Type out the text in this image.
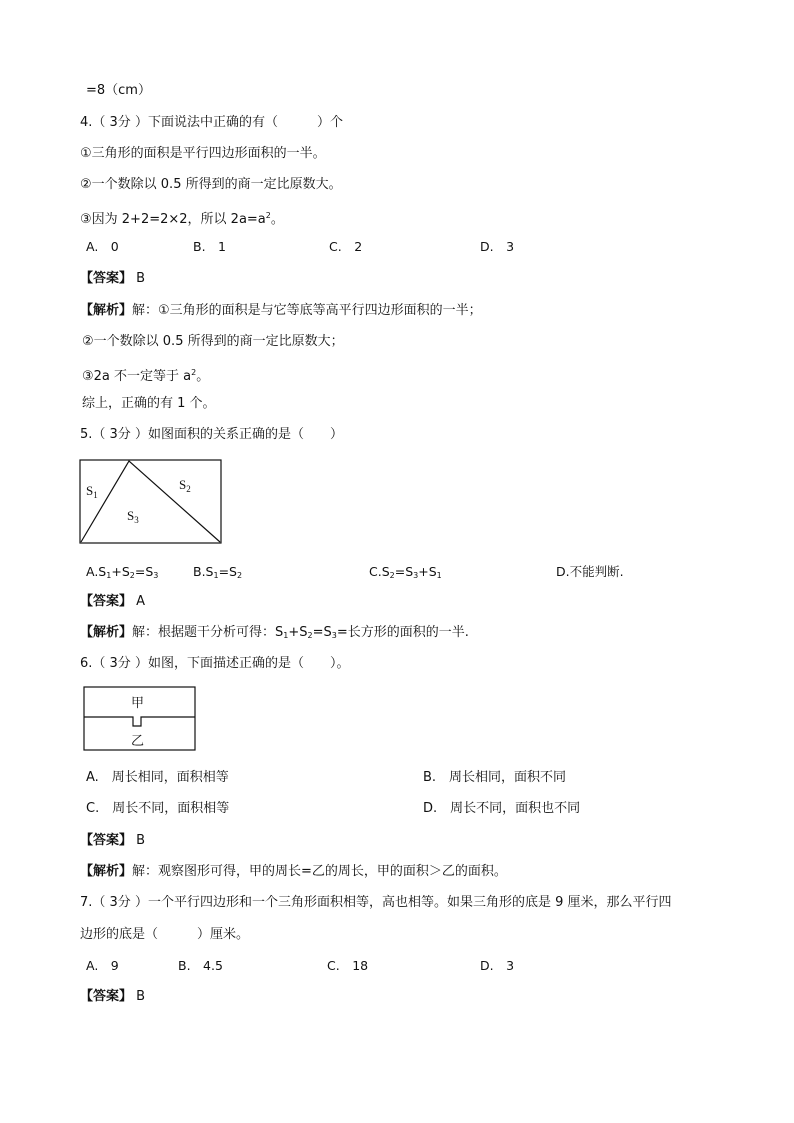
=8（cm）
4.（ 3分 ）下面说法中正确的有（　　　）个
①三角形的面积是平行四边形面积的一半。
②一个数除以 0.5 所得到的商一定比原数大。
③因为 2+2=2×2，所以 $2a=a^2$。
A.　0	B.　1	C.　2	D.　3
【答案】 B
【解析】解：①三角形的面积是与它等底等高平行四边形面积的一半；
②一个数除以 0.5 所得到的商一定比原数大；
③2a 不一定等于 $a^2$。
综上，正确的有 1 个。
5.（ 3分 ）如图面积的关系正确的是（　　）
$S_1$
$S_2$
$S_3$
$A.S_1+S_2=S_3$	$B.S_1=S_2$	$C.S_2=S_3+S_1$	D.不能判断.
【答案】 A
【解析】解：根据题干分析可得：$S_1+S_2=S_3=$长方形的面积的一半.
6.（ 3分 ）如图，下面描述正确的是（　　）。
甲
乙
A.　周长相同，面积相等	B.　周长相同，面积不同
C.　周长不同，面积相等	D.　周长不同，面积也不同
【答案】 B
【解析】解：观察图形可得，甲的周长=乙的周长，甲的面积＞乙的面积。
7.（ 3分 ）一个平行四边形和一个三角形面积相等，高也相等。如果三角形的底是 9 厘米，那么平行四
边形的底是（　　　）厘米。
A.　9	B.　4.5	C.　18	D.　3
【答案】 B
